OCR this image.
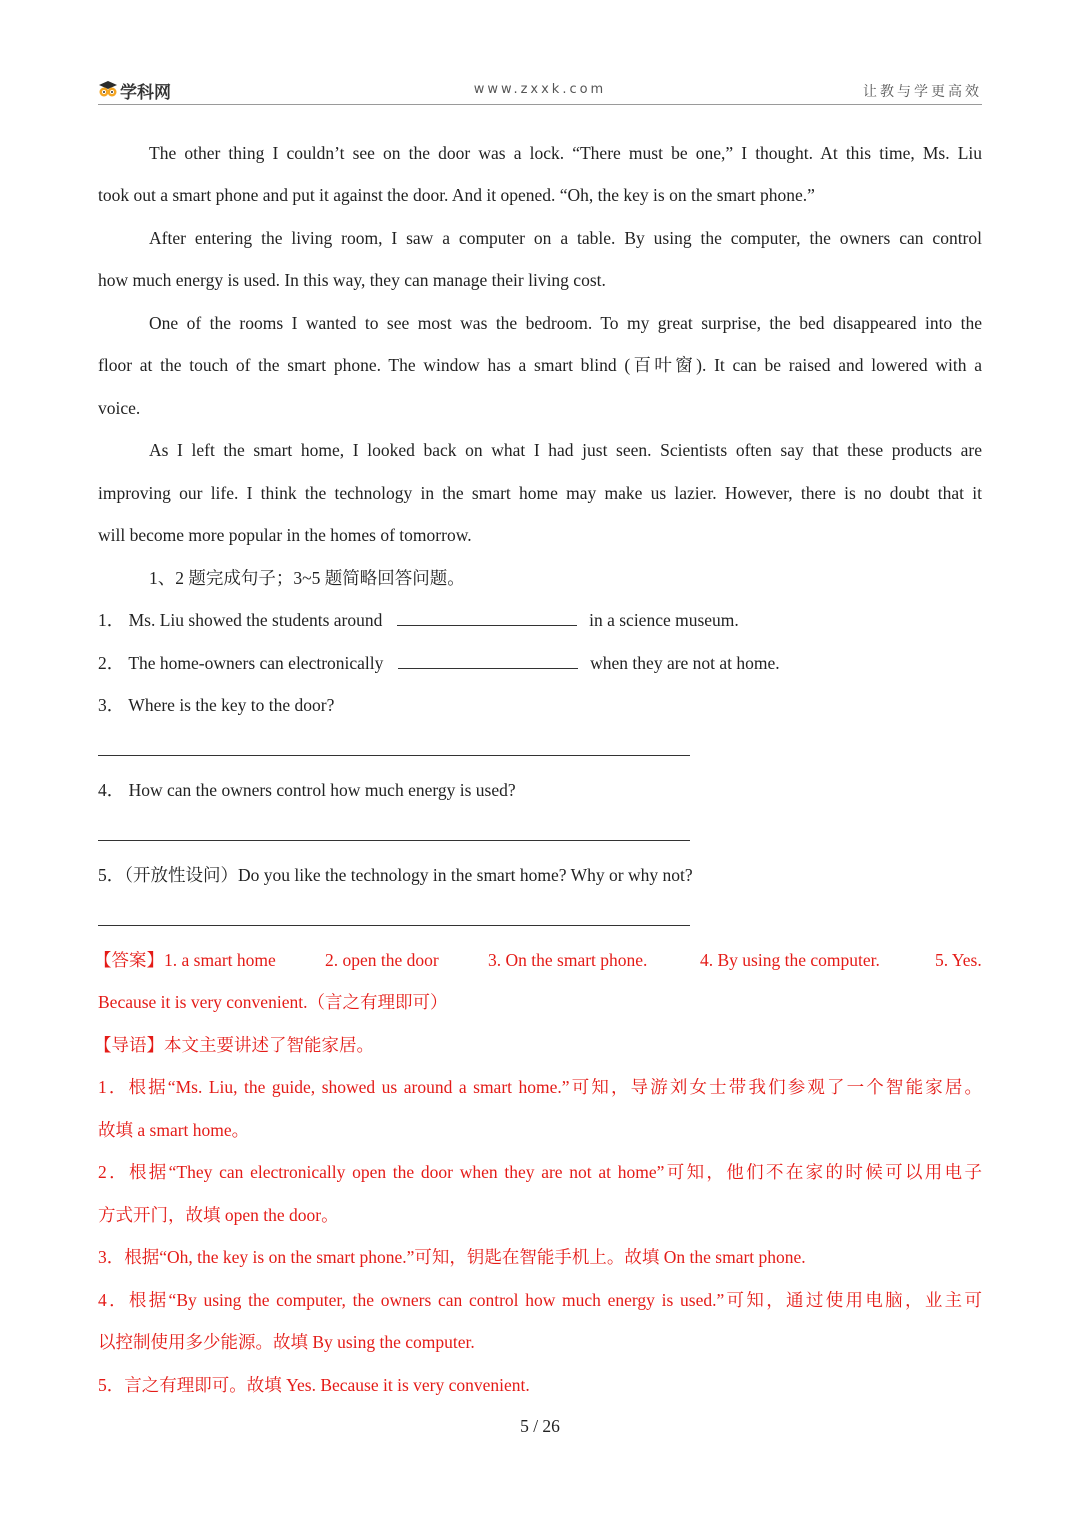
学科网	www.zxxk.com	让教与学更高效
The other thing I couldn’t see on the door was a lock. “There must be one,” I thought. At this time, Ms. Liu
took out a smart phone and put it against the door. And it opened. “Oh, the key is on the smart phone.”
After entering the living room, I saw a computer on a table. By using the computer, the owners can control
how much energy is used. In this way, they can manage their living cost.
One of the rooms I wanted to see most was the bedroom. To my great surprise, the bed disappeared into the
floor at the touch of the smart phone. The window has a smart blind (百叶窗). It can be raised and lowered with a
voice.
As I left the smart home, I looked back on what I had just seen. Scientists often say that these products are
improving our life. I think the technology in the smart home may make us lazier. However, there is no doubt that it
will become more popular in the homes of tomorrow.
1、2 题完成句子；3~5 题简略回答问题。
1． Ms. Liu showed the students around	in a science museum.
2． The home-owners can electronically	when they are not at home.
3． Where is the key to the door?
4． How can the owners control how much energy is used?
5．（开放性设问）Do you like the technology in the smart home? Why or why not?
【答案】1. a smart home	2. open the door	3. On the smart phone.	4. By using the computer.	5. Yes.
Because it is very convenient.（言之有理即可）
【导语】本文主要讲述了智能家居。
1．根据“Ms. Liu, the guide, showed us around a smart home.”可知，导游刘女士带我们参观了一个智能家居。
故填 a smart home。
2．根据“They can electronically open the door when they are not at home”可知，他们不在家的时候可以用电子
方式开门，故填 open the door。
3．根据“Oh, the key is on the smart phone.”可知，钥匙在智能手机上。故填 On the smart phone.
4．根据“By using the computer, the owners can control how much energy is used.”可知，通过使用电脑，业主可
以控制使用多少能源。故填 By using the computer.
5．言之有理即可。故填 Yes. Because it is very convenient.
5 / 26
